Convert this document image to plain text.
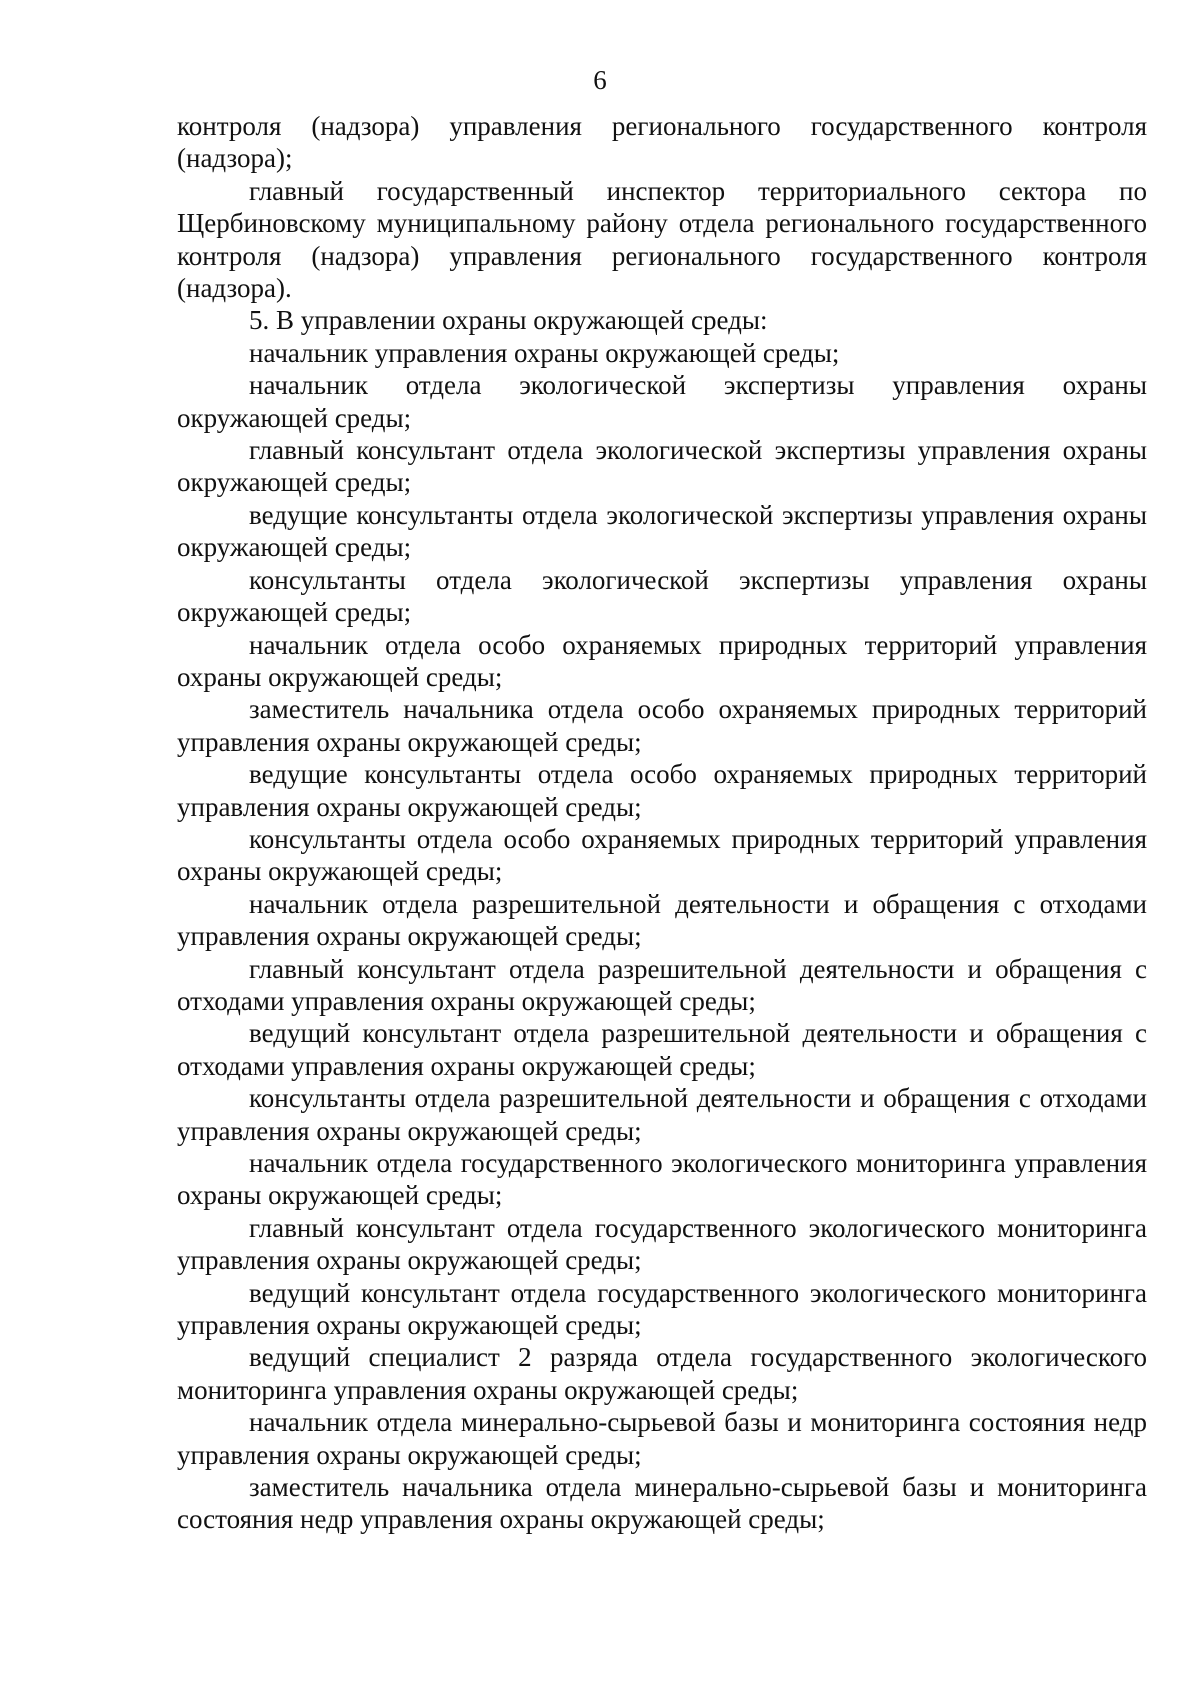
6

контроля (надзора) управления регионального государственного контроля (надзора);

главный государственный инспектор территориального сектора по Щербиновскому муниципальному району отдела регионального государственного контроля (надзора) управления регионального государственного контроля (надзора).

5. В управлении охраны окружающей среды:

начальник управления охраны окружающей среды;

начальник отдела экологической экспертизы управления охраны окружающей среды;

главный консультант отдела экологической экспертизы управления охраны окружающей среды;

ведущие консультанты отдела экологической экспертизы управления охраны окружающей среды;

консультанты отдела экологической экспертизы управления охраны окружающей среды;

начальник отдела особо охраняемых природных территорий управления охраны окружающей среды;

заместитель начальника отдела особо охраняемых природных территорий управления охраны окружающей среды;

ведущие консультанты отдела особо охраняемых природных территорий управления охраны окружающей среды;

консультанты отдела особо охраняемых природных территорий управления охраны окружающей среды;

начальник отдела разрешительной деятельности и обращения с отходами управления охраны окружающей среды;

главный консультант отдела разрешительной деятельности и обращения с отходами управления охраны окружающей среды;

ведущий консультант отдела разрешительной деятельности и обращения с отходами управления охраны окружающей среды;

консультанты отдела разрешительной деятельности и обращения с отходами управления охраны окружающей среды;

начальник отдела государственного экологического мониторинга управления охраны окружающей среды;

главный консультант отдела государственного экологического мониторинга управления охраны окружающей среды;

ведущий консультант отдела государственного экологического мониторинга управления охраны окружающей среды;

ведущий специалист 2 разряда отдела государственного экологического мониторинга управления охраны окружающей среды;

начальник отдела минерально-сырьевой базы и мониторинга состояния недр управления охраны окружающей среды;

заместитель начальника отдела минерально-сырьевой базы и мониторинга состояния недр управления охраны окружающей среды;
